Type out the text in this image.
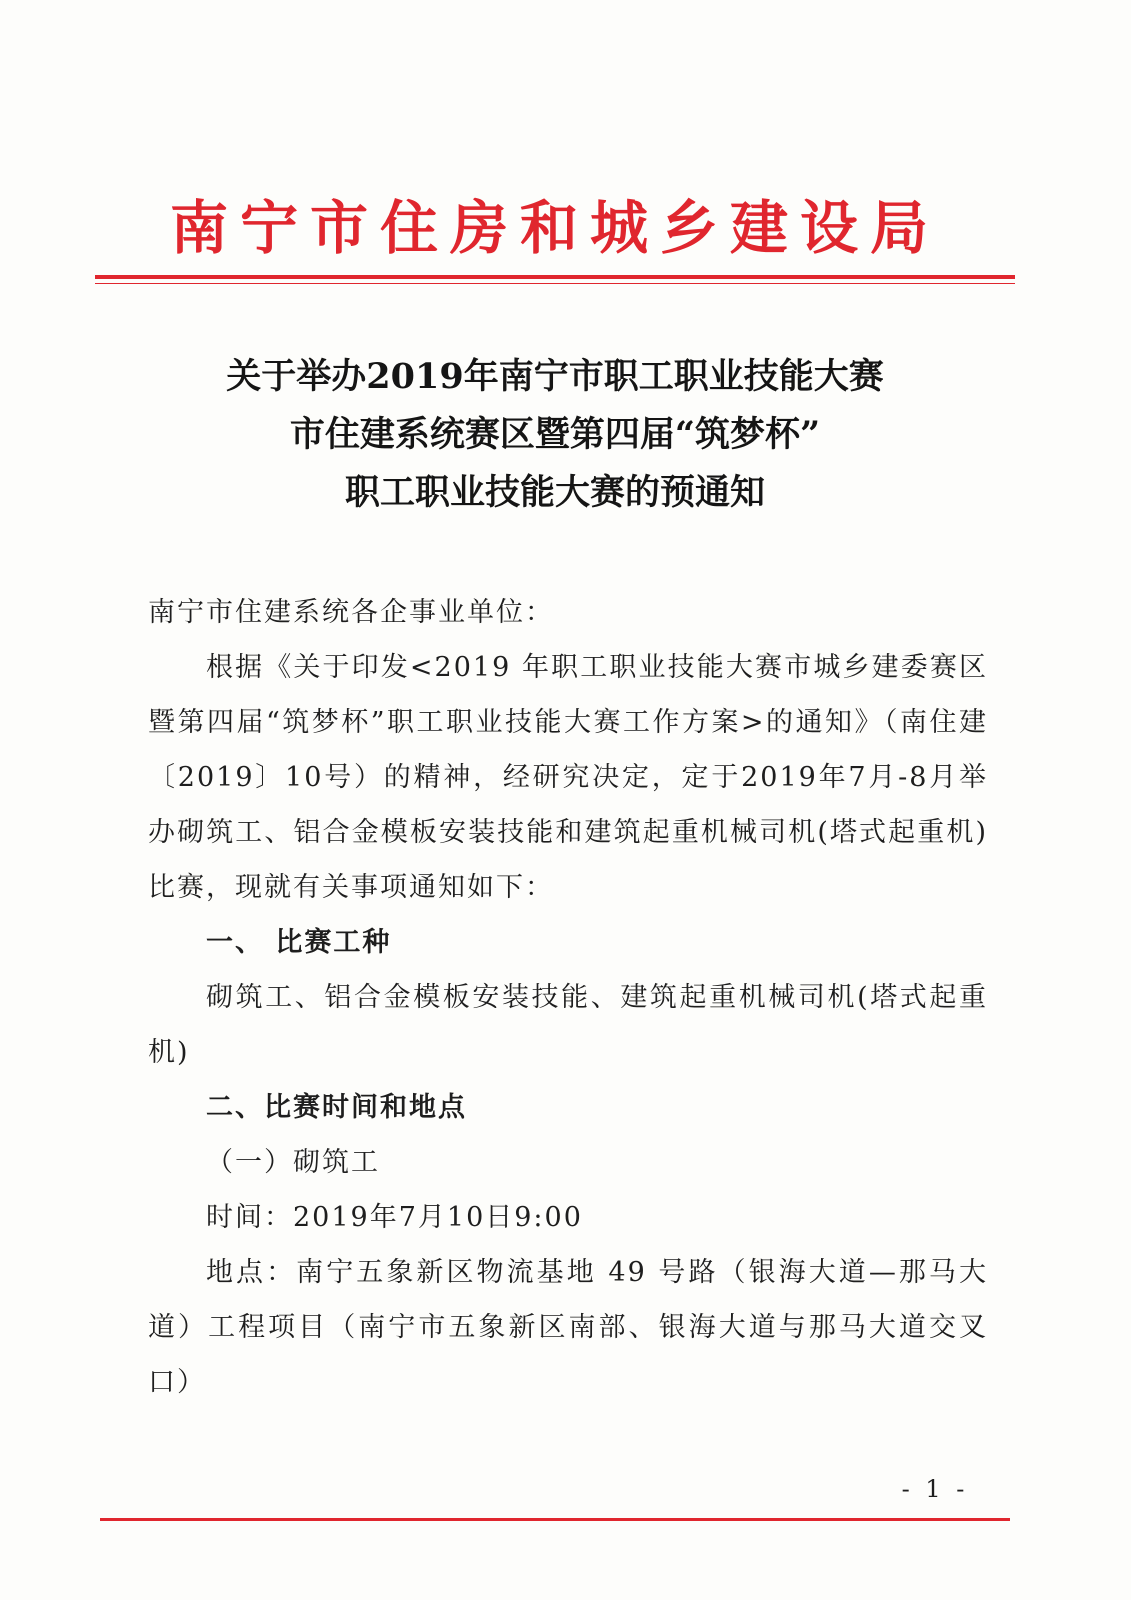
南宁市住房和城乡建设局
关于举办2019年南宁市职工职业技能大赛
市住建系统赛区暨第四届“筑梦杯”
职工职业技能大赛的预通知

南宁市住建系统各企事业单位：

根据《关于印发<2019 年职工职业技能大赛市城乡建委赛区暨第四届“筑梦杯”职工职业技能大赛工作方案>的通知》（南住建〔2019〕10号）的精神，经研究决定，定于2019年7月-8月举办砌筑工、铝合金模板安装技能和建筑起重机械司机(塔式起重机)比赛，现就有关事项通知如下：

一、 比赛工种

砌筑工、铝合金模板安装技能、建筑起重机械司机(塔式起重机)

二、比赛时间和地点

（一）砌筑工

时间：2019年7月10日9:00

地点：南宁五象新区物流基地 49 号路（银海大道—那马大道）工程项目（南宁市五象新区南部、银海大道与那马大道交叉口）

- 1 -
